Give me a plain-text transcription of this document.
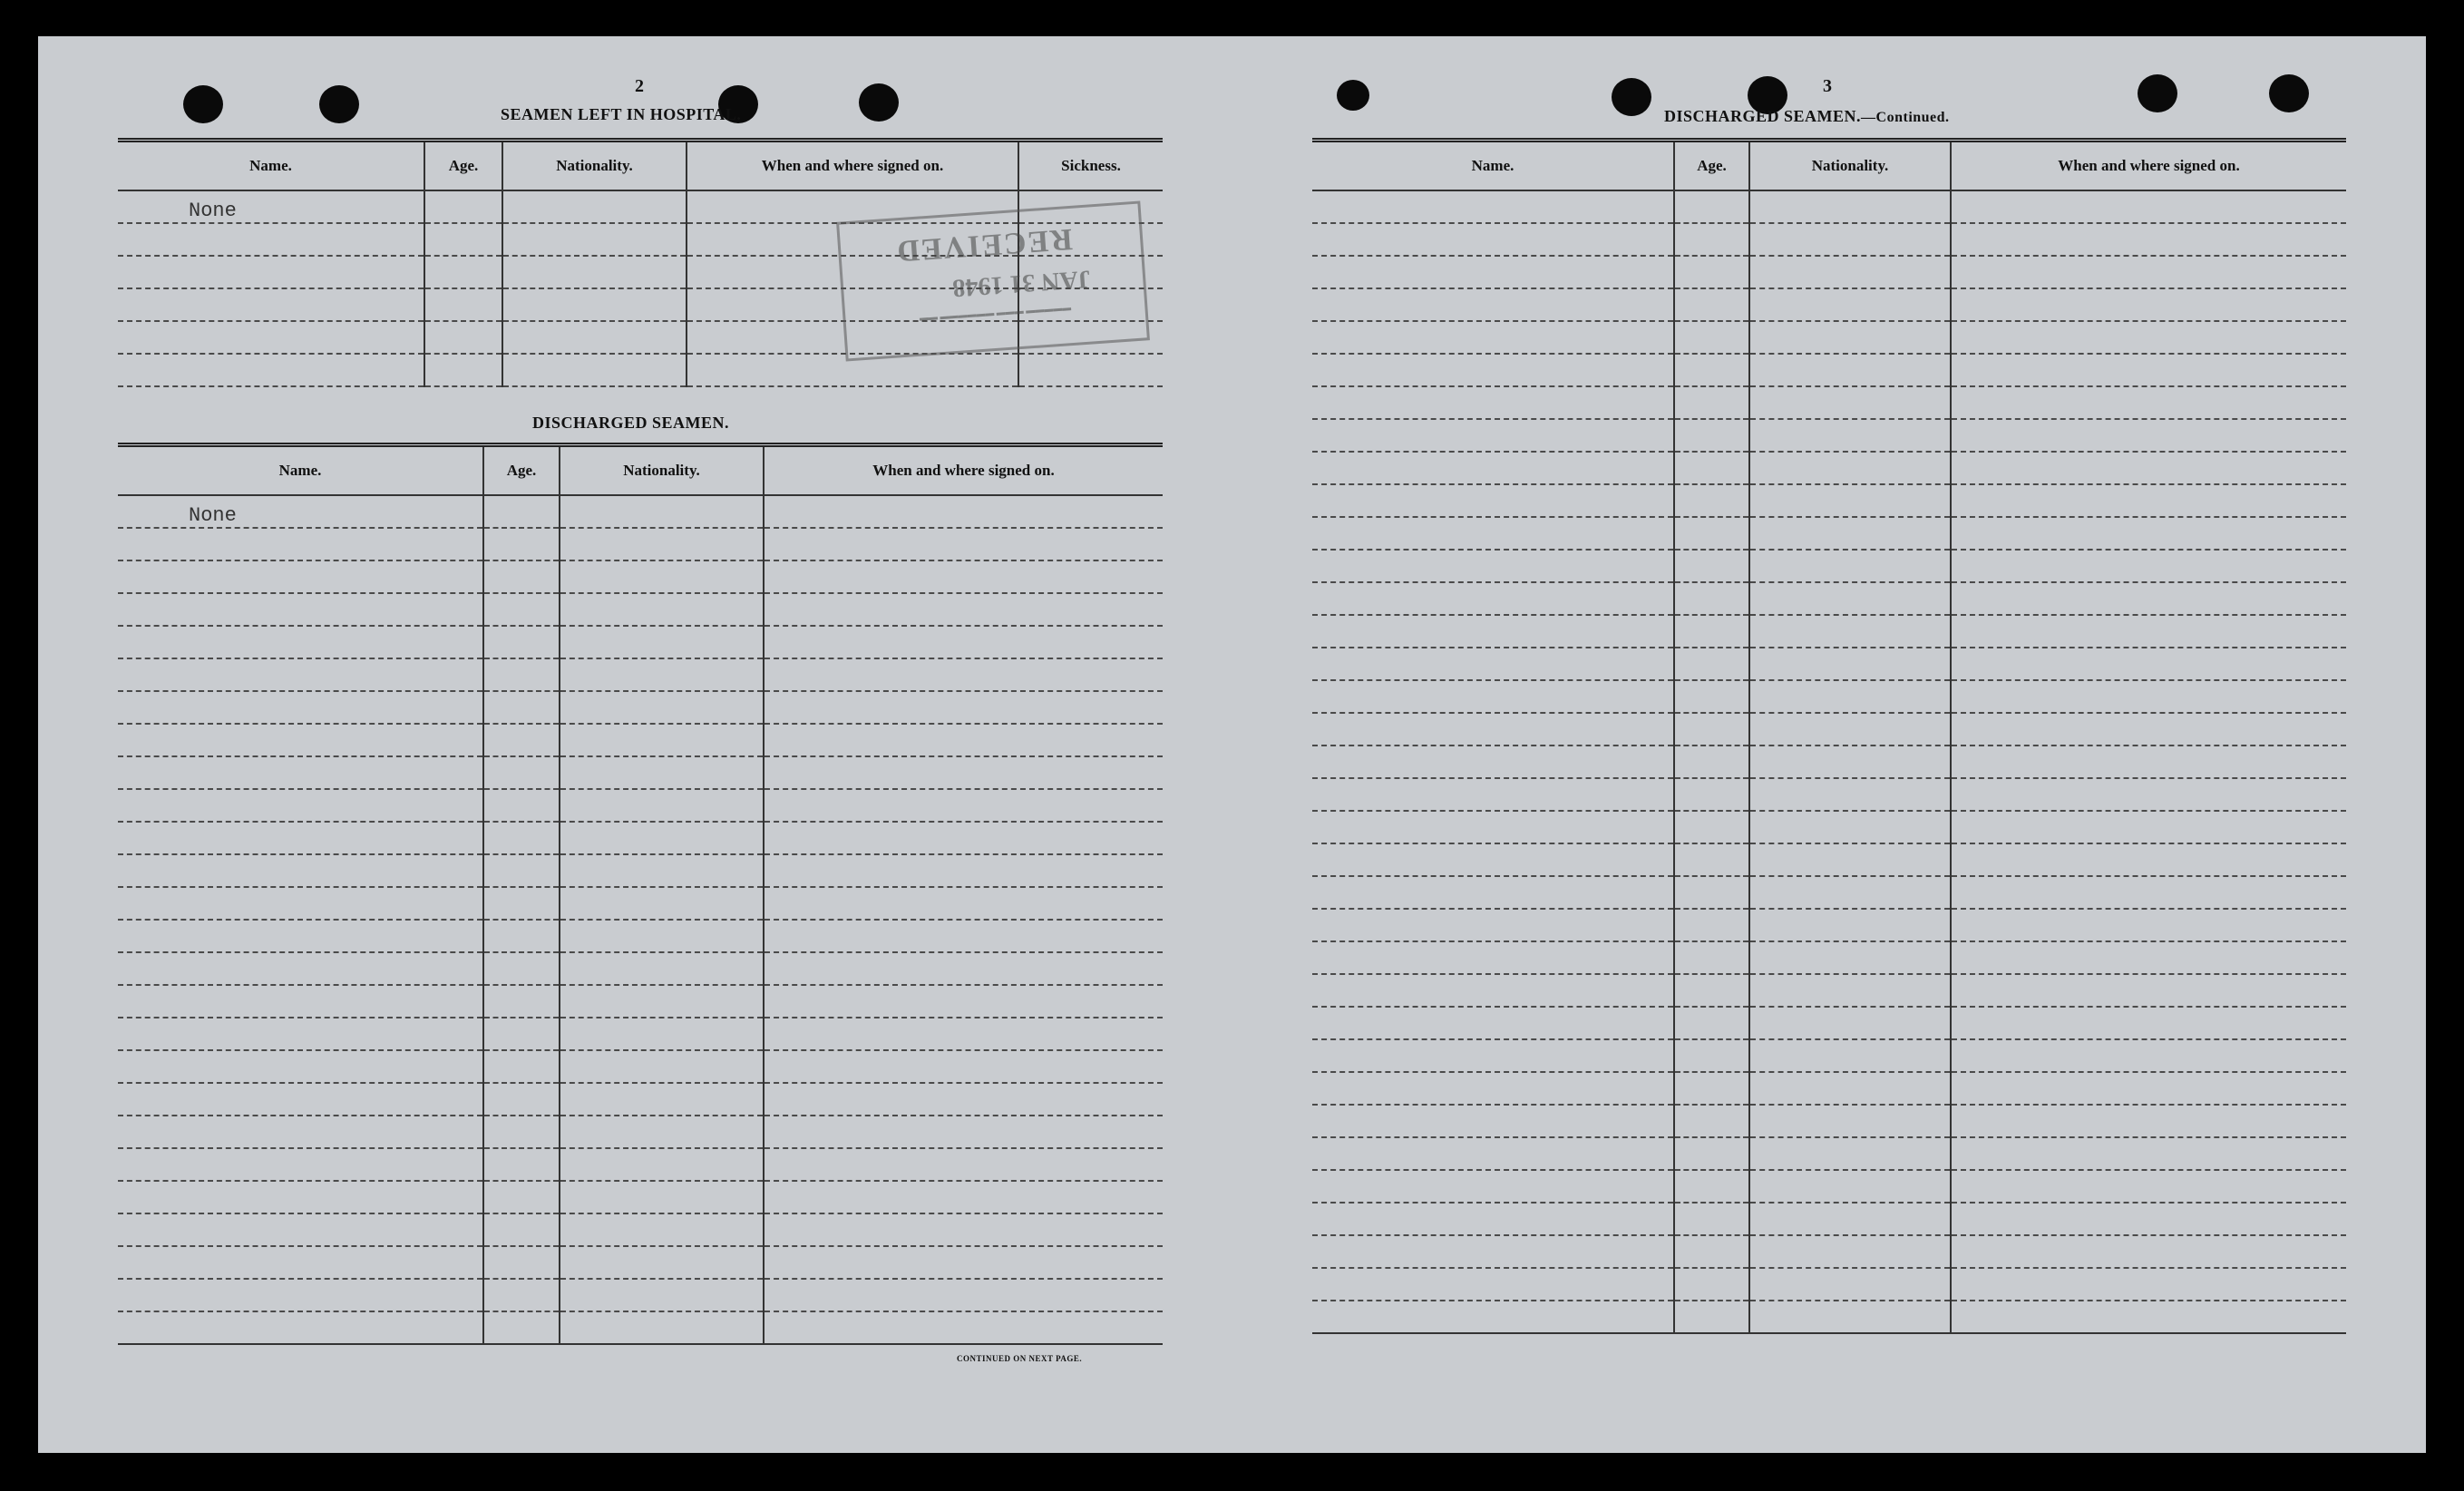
2
SEAMEN LEFT IN HOSPITAL.
Name.	Age.	Nationality.	When and where signed on.	Sickness.
None				

RECEIVED
JAN 31 1948
▬▬▬▬▬ ▬▬▬ ▬▬▬▬▬▬ ▬▬
DISCHARGED SEAMEN.
Name.	Age.	Nationality.	When and where signed on.
None			

CONTINUED ON NEXT PAGE.
3
DISCHARGED SEAMEN.—Continued.
Name.	Age.	Nationality.	When and where signed on.
